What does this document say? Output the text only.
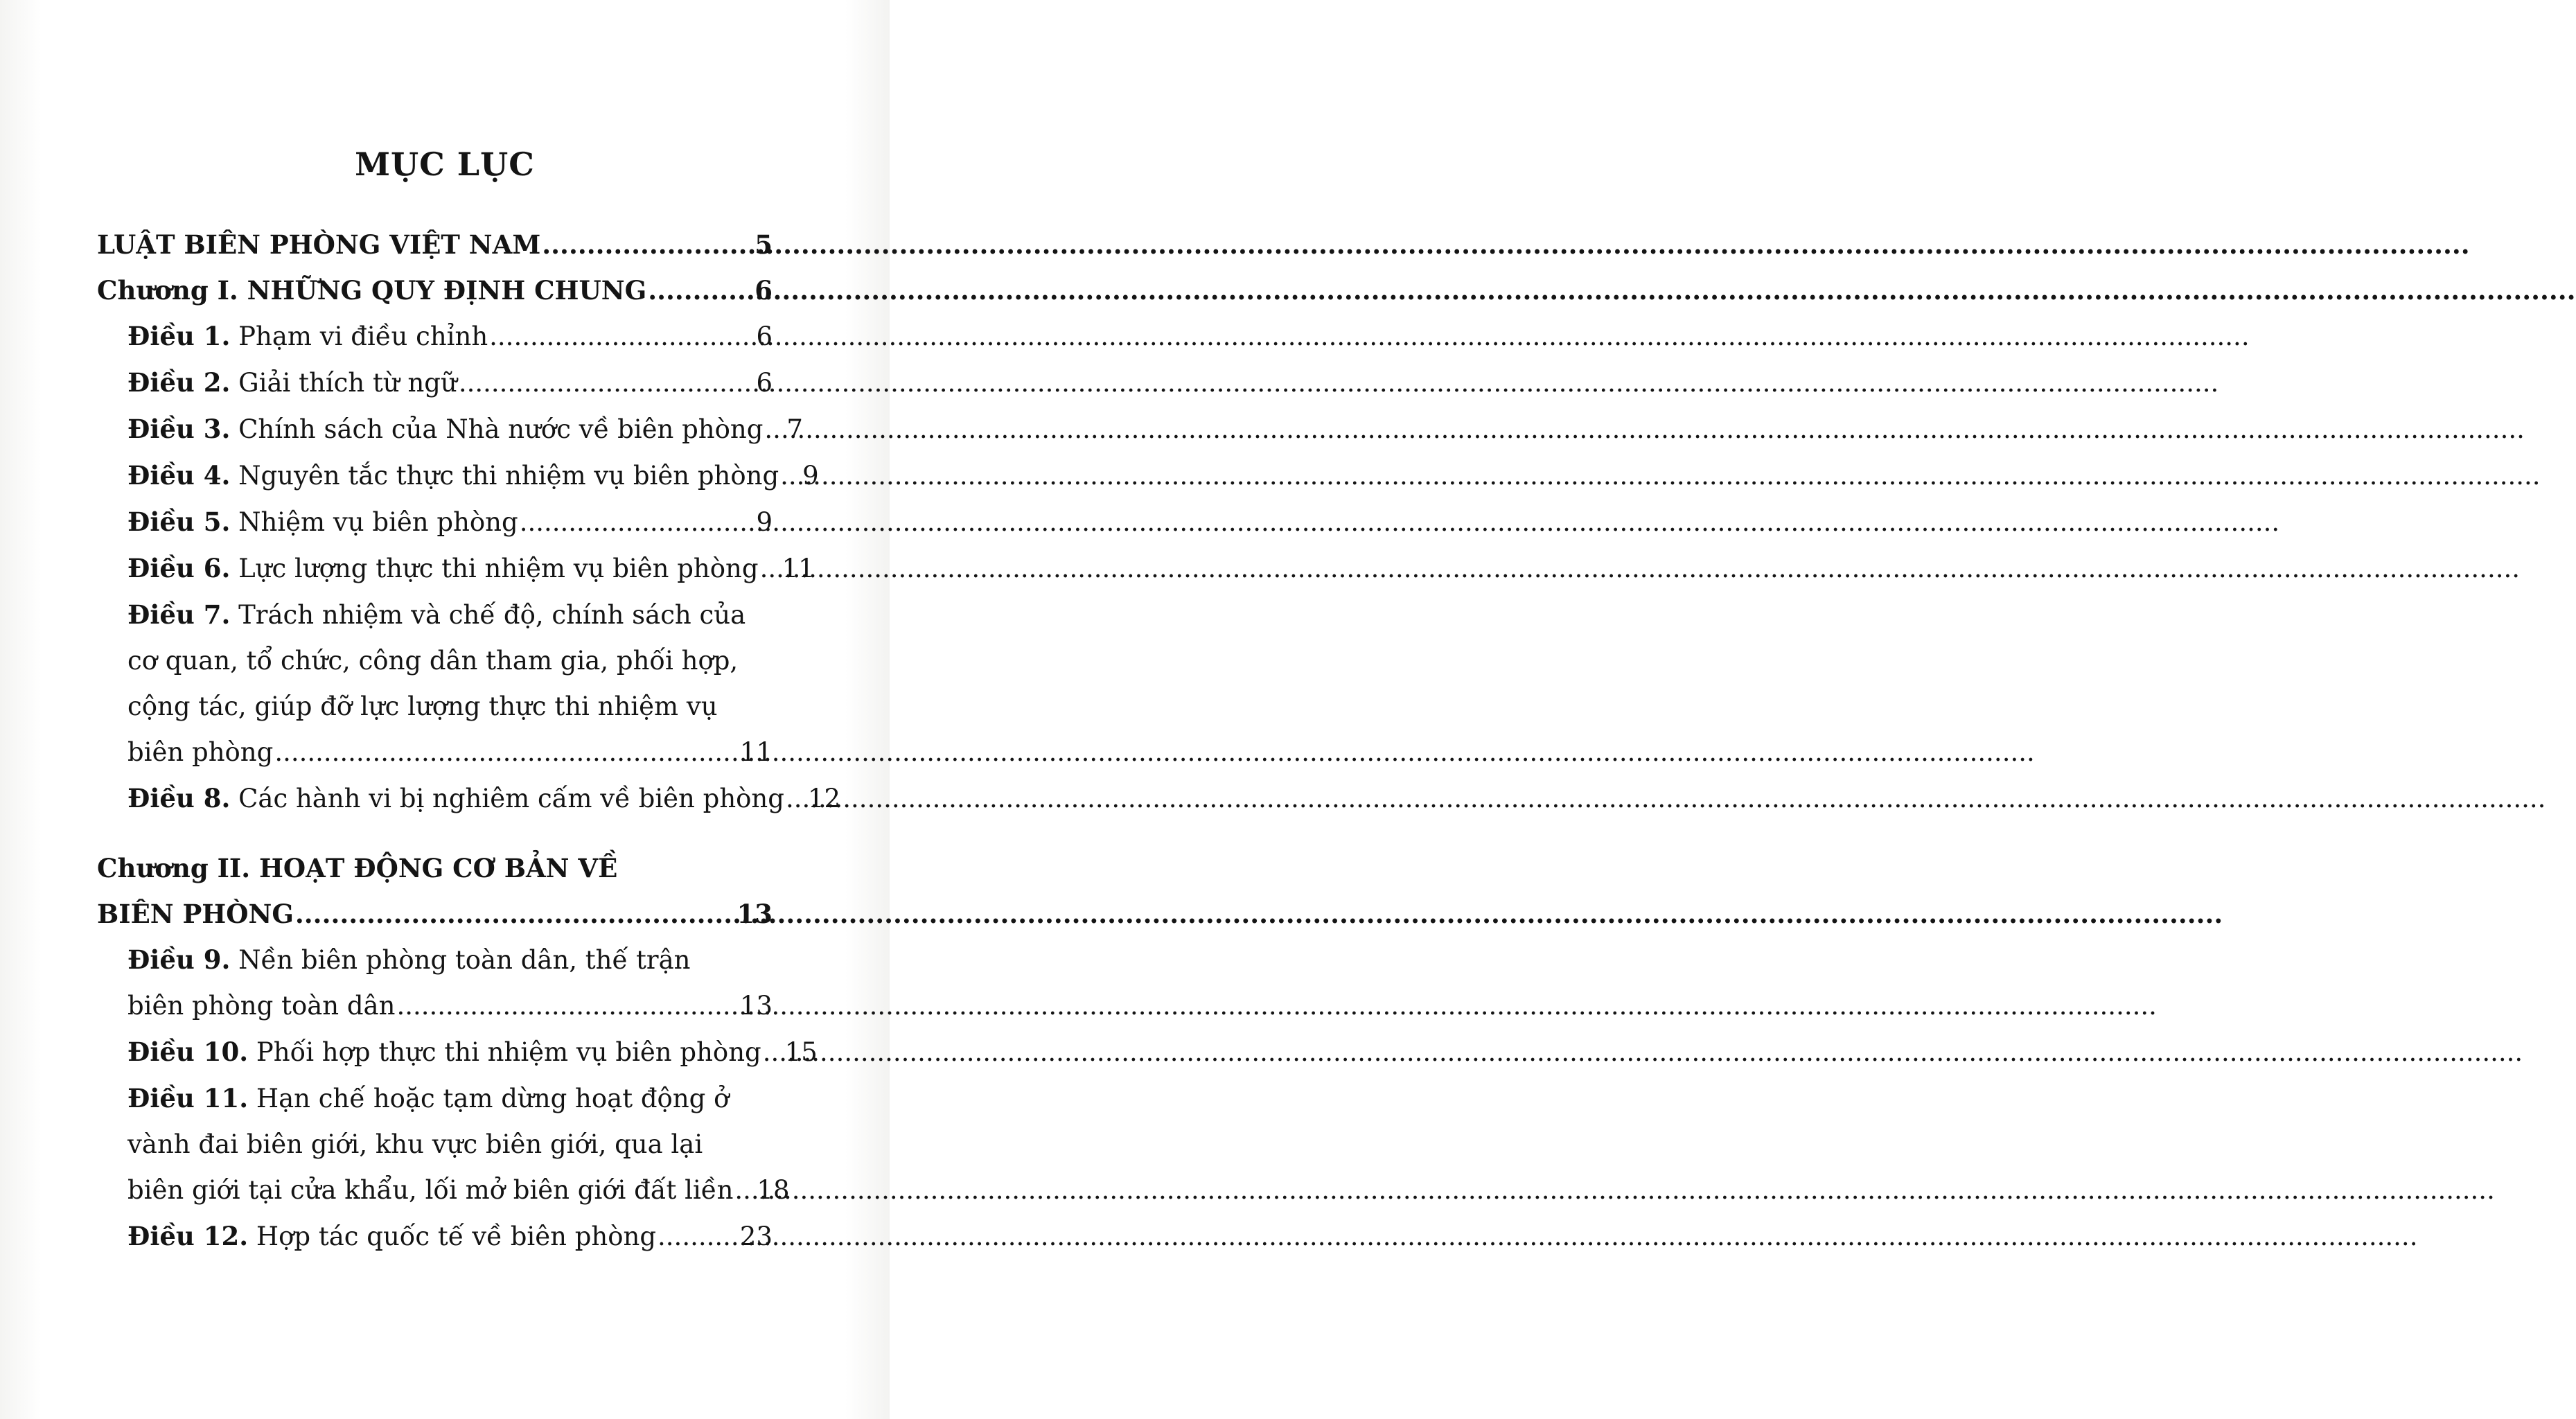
MỤC LỤC
LUẬT BIÊN PHÒNG VIỆT NAM .....	5
Chương I. NHỮNG QUY ĐỊNH CHUNG .....	6
Điều 1. Phạm vi điều chỉnh .....	6
Điều 2. Giải thích từ ngữ .....	6
Điều 3. Chính sách của Nhà nước về biên phòng ..... 7
Điều 4. Nguyên tắc thực thi nhiệm vụ biên phòng ..... 9
Điều 5. Nhiệm vụ biên phòng .....	9
Điều 6. Lực lượng thực thi nhiệm vụ biên phòng ..... 11
Điều 7. Trách nhiệm và chế độ, chính sách của
cơ quan, tổ chức, công dân tham gia, phối hợp,
cộng tác, giúp đỡ lực lượng thực thi nhiệm vụ
biên phòng .....	11
Điều 8. Các hành vi bị nghiêm cấm về biên phòng ..... 12
Chương II. HOẠT ĐỘNG CƠ BẢN VỀ
BIÊN PHÒNG .....	13
Điều 9. Nền biên phòng toàn dân, thế trận
biên phòng toàn dân .....	13
Điều 10. Phối hợp thực thi nhiệm vụ biên phòng ..... 15
Điều 11. Hạn chế hoặc tạm dừng hoạt động ở
vành đai biên giới, khu vực biên giới, qua lại
biên giới tại cửa khẩu, lối mở biên giới đất liền ..... 18
Điều 12. Hợp tác quốc tế về biên phòng .....	23
